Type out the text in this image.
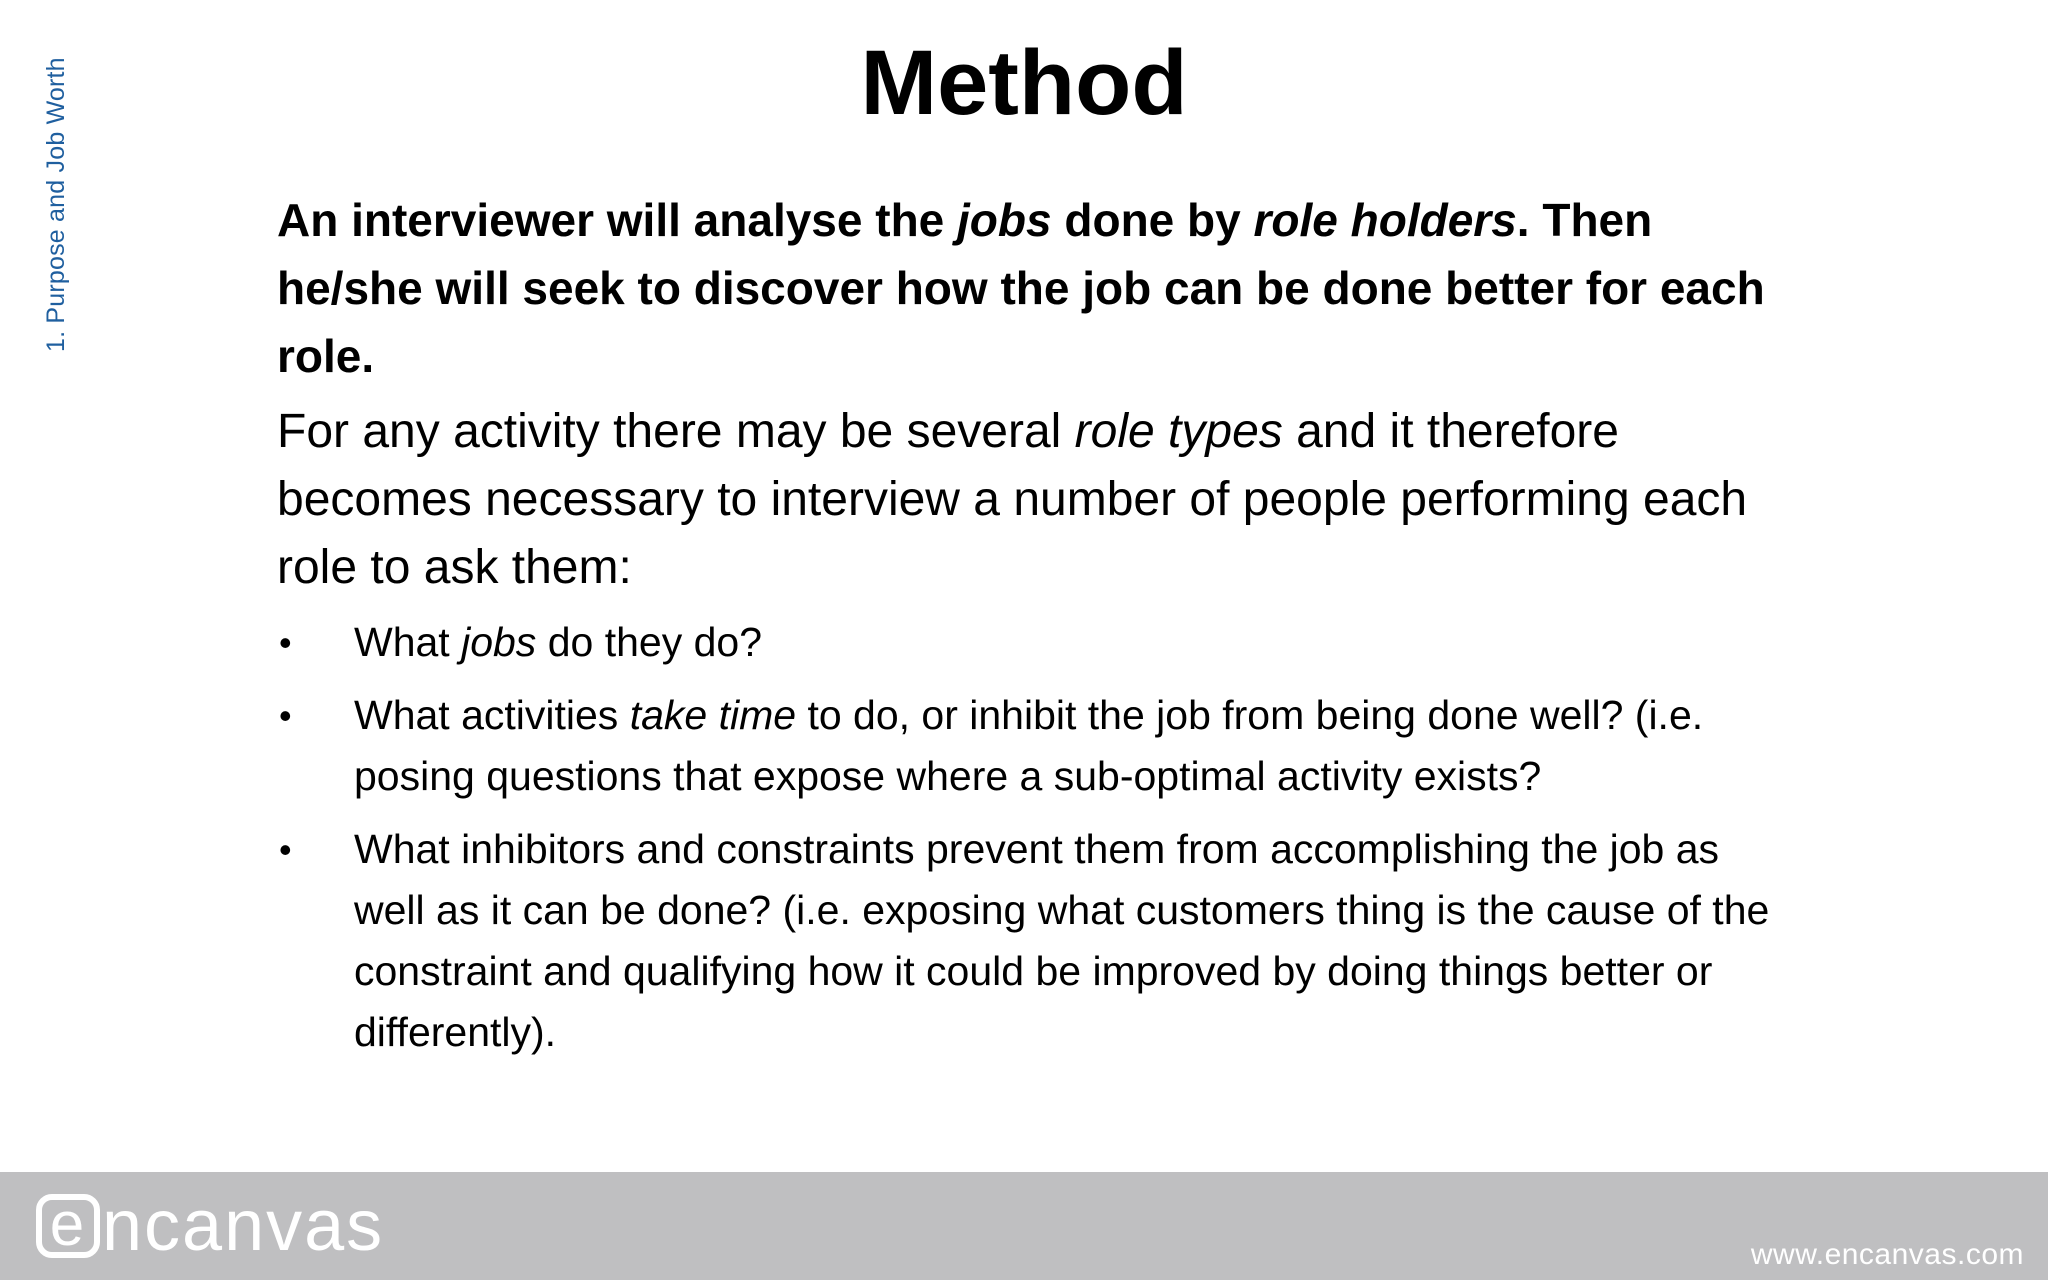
1. Purpose and Job Worth	Method

An interviewer will analyse the jobs done by role holders. Then he/she will seek to discover how the job can be done better for each role.

For any activity there may be several role types and it therefore becomes necessary to interview a number of people performing each role to ask them:

• What jobs do they do?
• What activities take time to do, or inhibit the job from being done well? (i.e. posing questions that expose where a sub-optimal activity exists?
• What inhibitors and constraints prevent them from accomplishing the job as well as it can be done? (i.e. exposing what customers thing is the cause of the constraint and qualifying how it could be improved by doing things better or differently).
e ncanvas	www.encanvas.com
